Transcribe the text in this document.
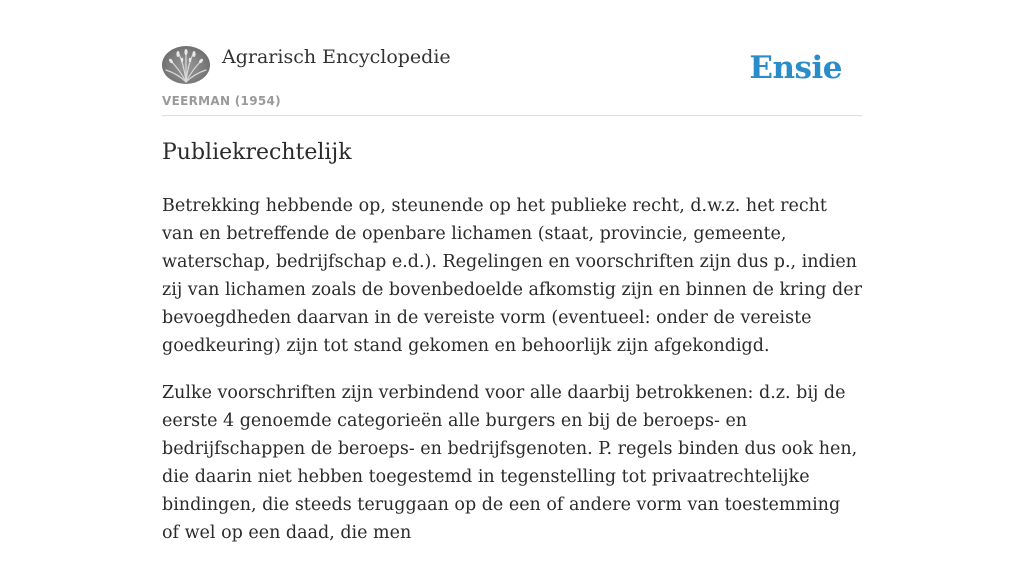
Agrarisch Encyclopedie
VEERMAN (1954)
Ensie
Publiekrechtelijk

Betrekking hebbende op, steunende op het publieke recht, d.w.z. het recht van en betreffende de openbare lichamen (staat, provincie, gemeente, waterschap, bedrijfschap e.d.). Regelingen en voorschriften zijn dus p., indien zij van lichamen zoals de bovenbedoelde afkomstig zijn en binnen de kring der bevoegdheden daarvan in de vereiste vorm (eventueel: onder de vereiste goedkeuring) zijn tot stand gekomen en behoorlijk zijn afgekondigd.

Zulke voorschriften zijn verbindend voor alle daarbij betrokkenen: d.z. bij de eerste 4 genoemde categorieën alle burgers en bij de beroeps- en bedrijfschappen de beroeps- en bedrijfsgenoten. P. regels binden dus ook hen, die daarin niet hebben toegestemd in tegenstelling tot privaatrechtelijke bindingen, die steeds teruggaan op de een of andere vorm van toestemming of wel op een daad, die men
